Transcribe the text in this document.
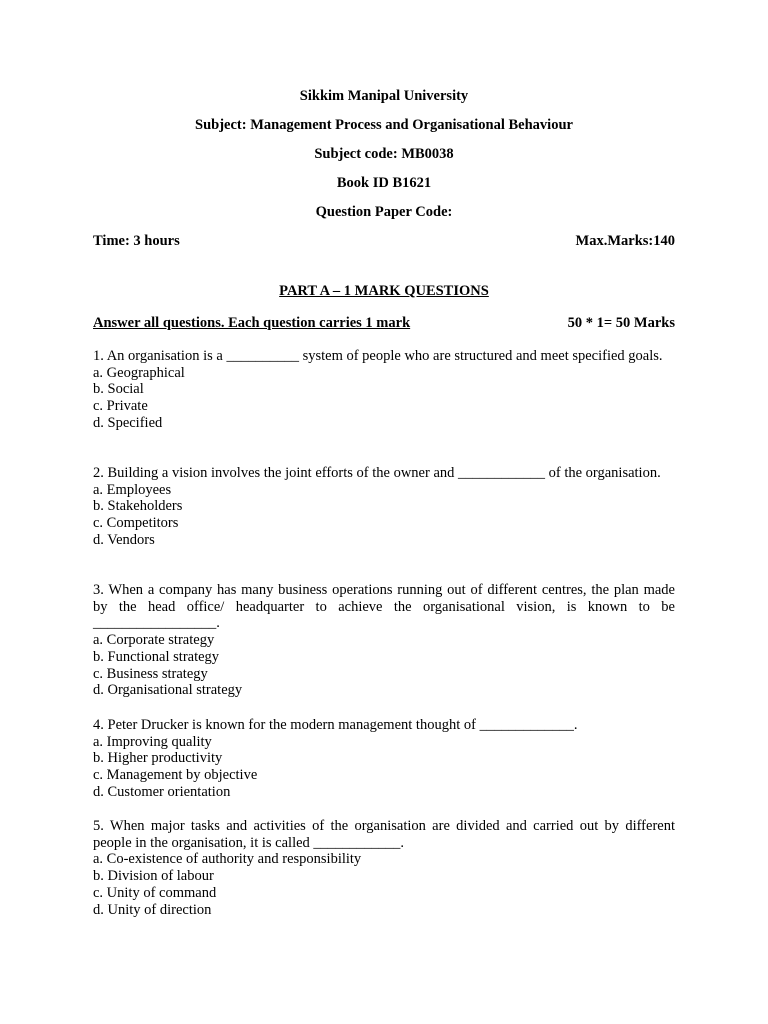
Sikkim Manipal University
Subject: Management Process and Organisational Behaviour
Subject code: MB0038
Book ID B1621
Question Paper Code:
Time: 3 hours	Max.Marks:140
PART A – 1 MARK QUESTIONS
Answer all questions. Each question carries 1 mark	50 * 1= 50 Marks
1. An organisation is a __________ system of people who are structured and meet specified goals.
a. Geographical
b. Social
c. Private
d. Specified
2. Building a vision involves the joint efforts of the owner and ____________ of the organisation.
a. Employees
b. Stakeholders
c. Competitors
d. Vendors
3. When a company has many business operations running out of different centres, the plan made by the head office/ headquarter to achieve the organisational vision, is known to be _________________.
a. Corporate strategy
b. Functional strategy
c. Business strategy
d. Organisational strategy
4. Peter Drucker is known for the modern management thought of _____________.
a. Improving quality
b. Higher productivity
c. Management by objective
d. Customer orientation
5. When major tasks and activities of the organisation are divided and carried out by different people in the organisation, it is called ____________.
a. Co-existence of authority and responsibility
b. Division of labour
c. Unity of command
d. Unity of direction
